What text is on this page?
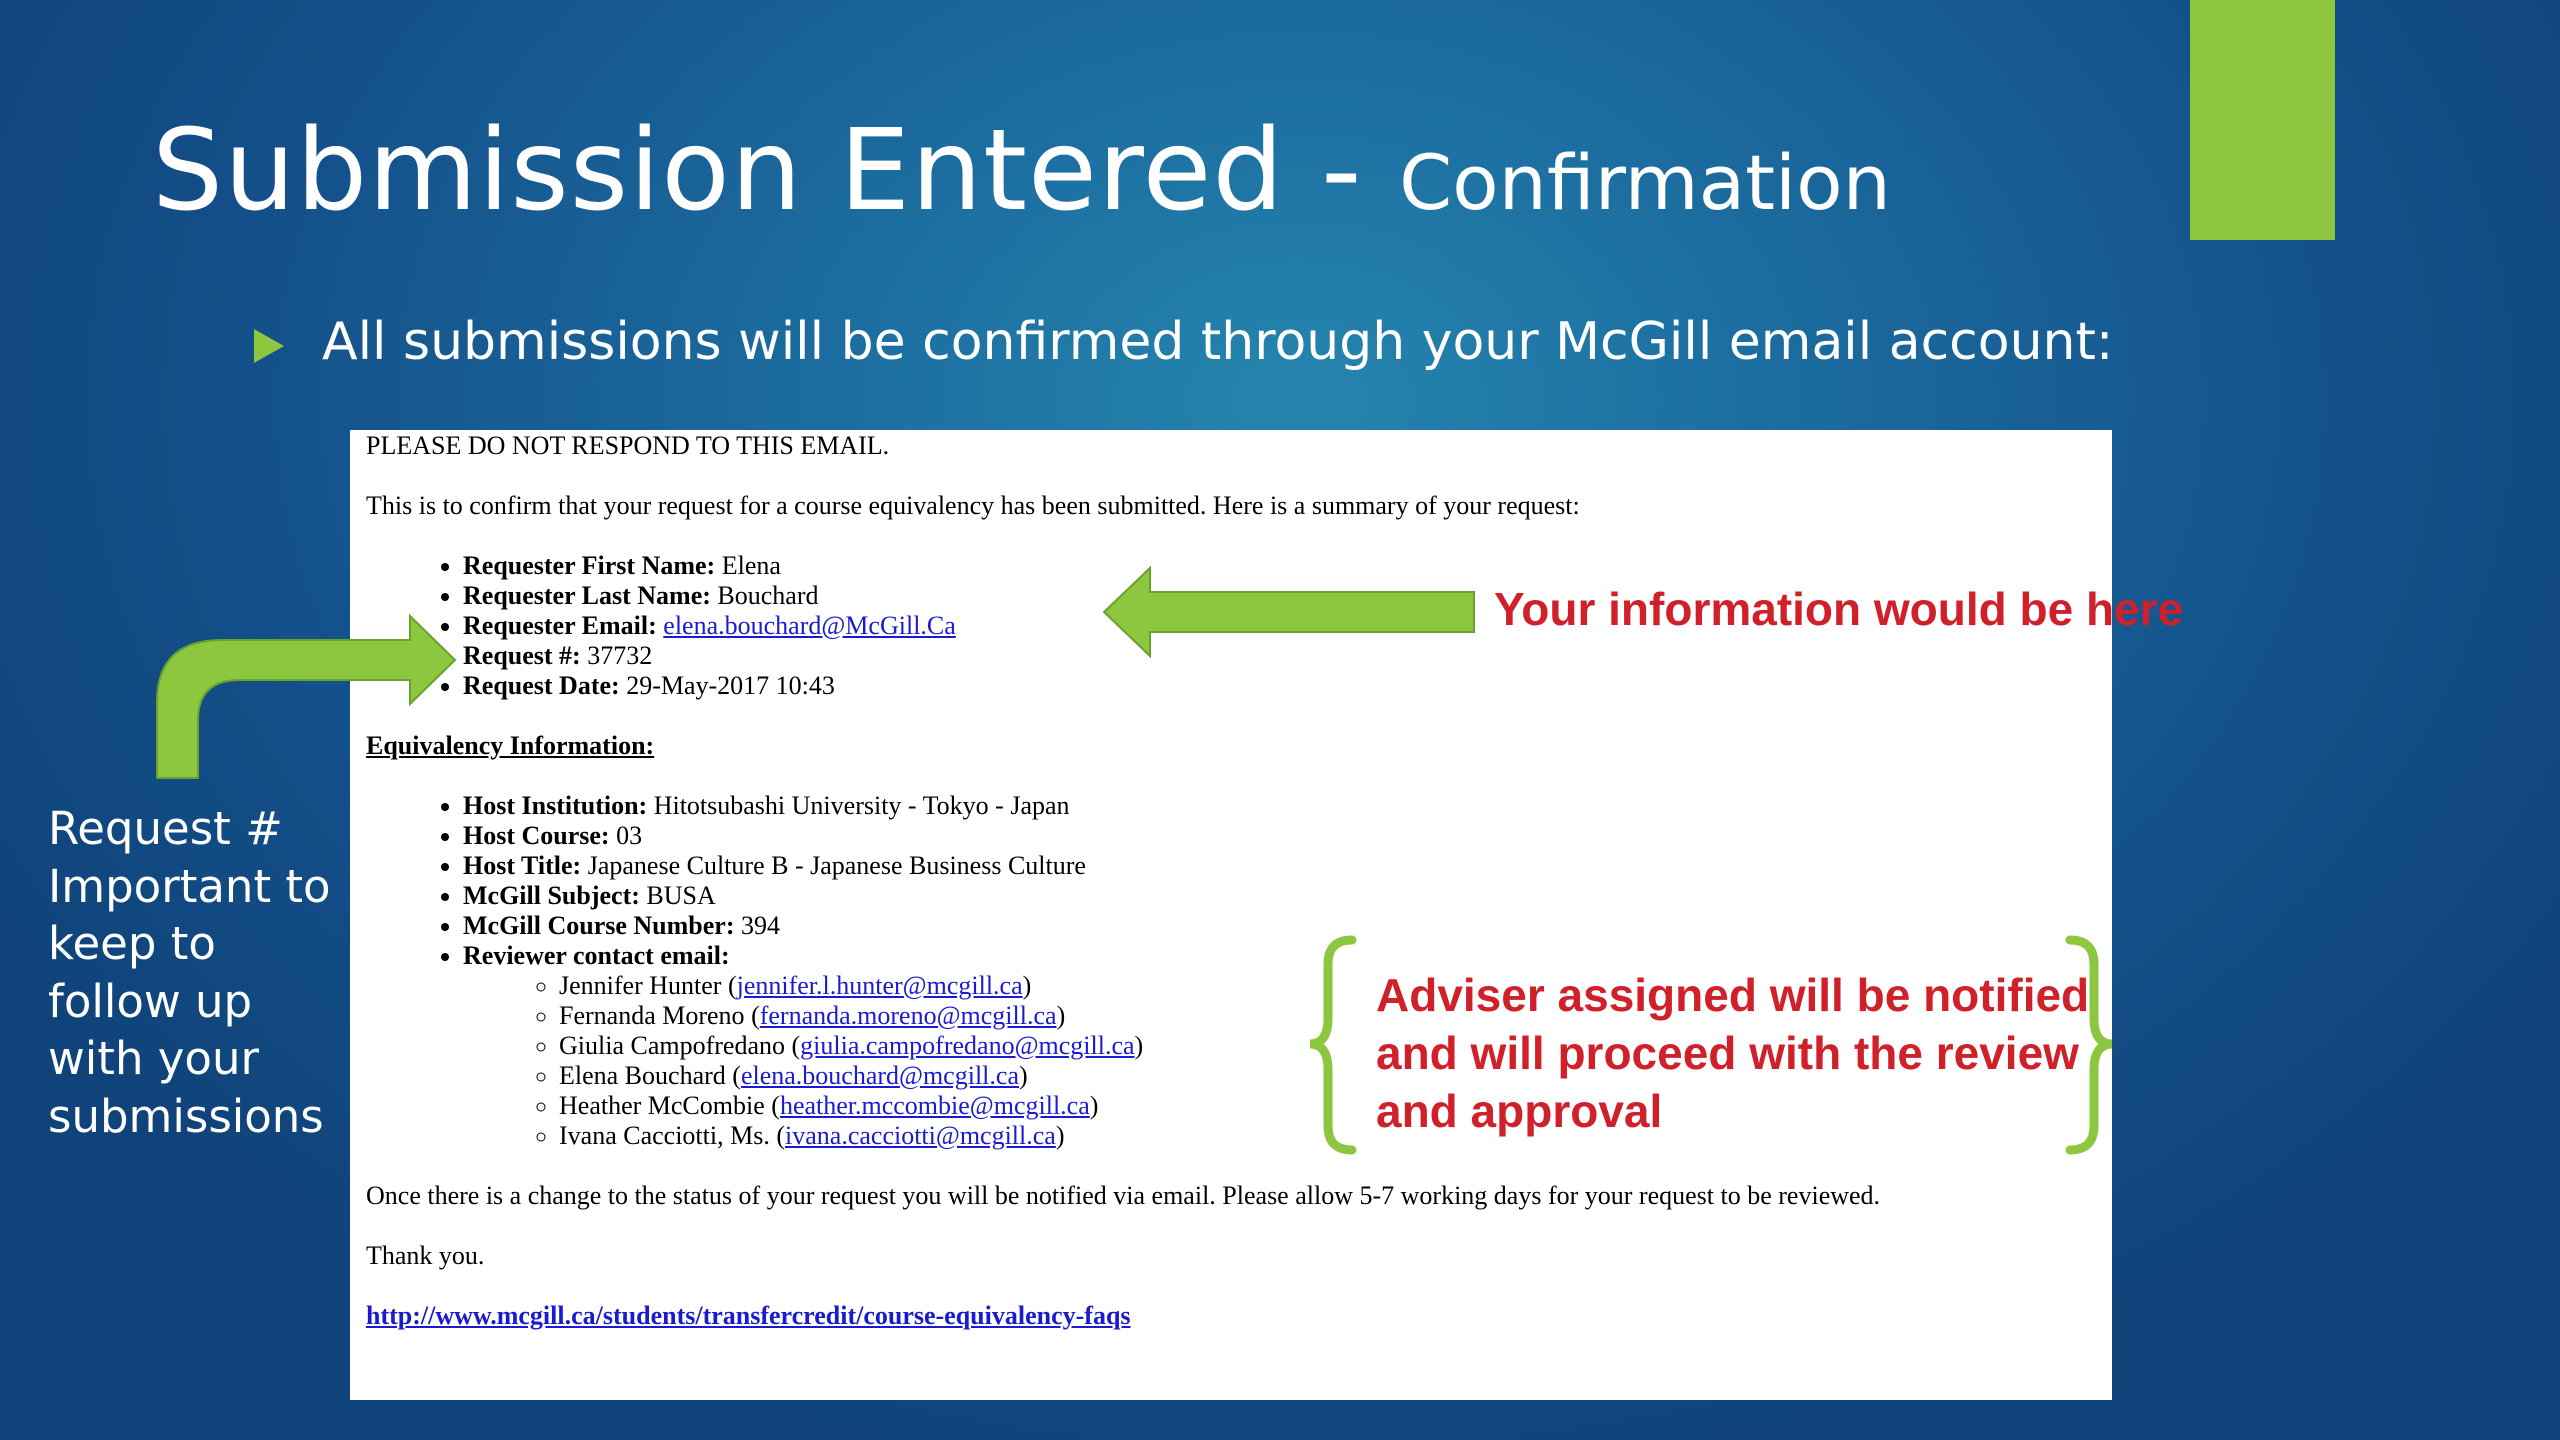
Submission Entered - Confirmation
All submissions will be confirmed through your McGill email account:

PLEASE DO NOT RESPOND TO THIS EMAIL.

This is to confirm that your request for a course equivalency has been submitted. Here is a summary of your request:

• Requester First Name: Elena
• Requester Last Name: Bouchard
• Requester Email: elena.bouchard@McGill.Ca
• Request #: 37732
• Request Date: 29-May-2017 10:43

Equivalency Information:

• Host Institution: Hitotsubashi University - Tokyo - Japan
• Host Course: 03
• Host Title: Japanese Culture B - Japanese Business Culture
• McGill Subject: BUSA
• McGill Course Number: 394
• Reviewer contact email:
◦ Jennifer Hunter (jennifer.l.hunter@mcgill.ca)
◦ Fernanda Moreno (fernanda.moreno@mcgill.ca)
◦ Giulia Campofredano (giulia.campofredano@mcgill.ca)
◦ Elena Bouchard (elena.bouchard@mcgill.ca)
◦ Heather McCombie (heather.mccombie@mcgill.ca)
◦ Ivana Cacciotti, Ms. (ivana.cacciotti@mcgill.ca)

Once there is a change to the status of your request you will be notified via email. Please allow 5-7 working days for your request to be reviewed.

Thank you.

http://www.mcgill.ca/students/transfercredit/course-equivalency-faqs

Your information would be here
Adviser assigned will be notified and will proceed with the review and approval
Request # Important to keep to follow up with your submissions
